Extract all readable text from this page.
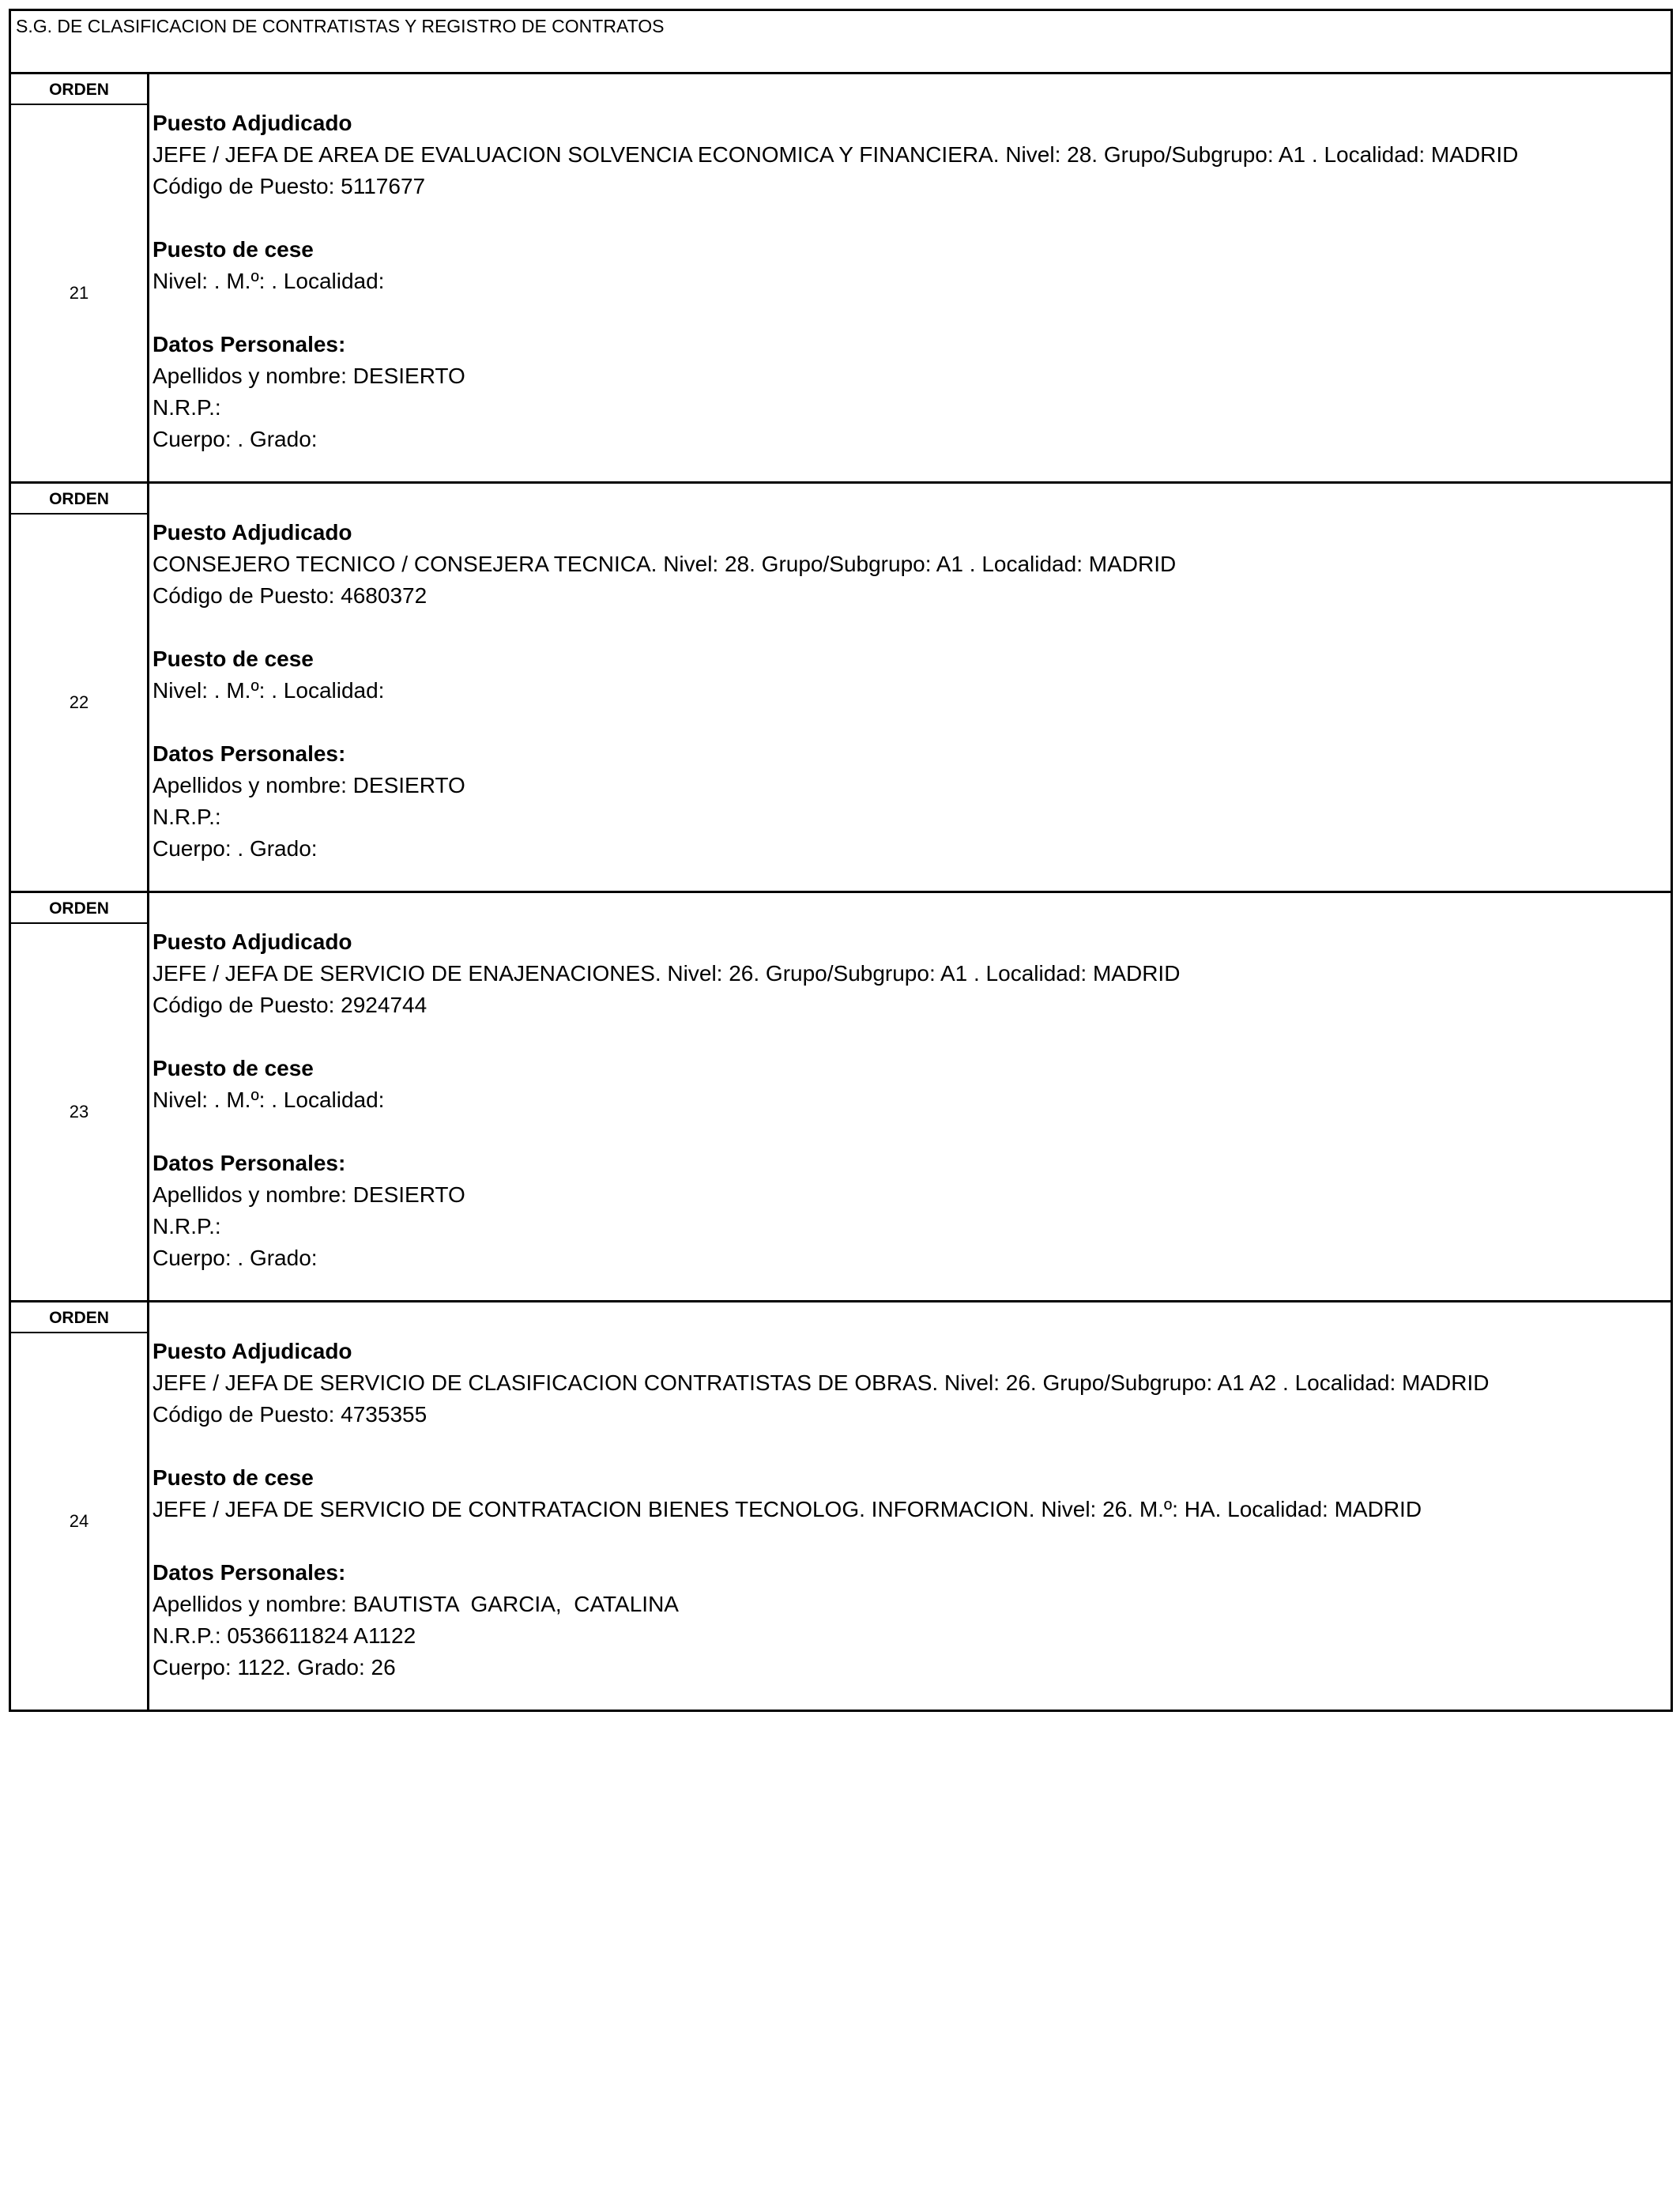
S.G. DE CLASIFICACION DE CONTRATISTAS Y REGISTRO DE CONTRATOS
ORDEN
21
Puesto Adjudicado
JEFE / JEFA DE AREA DE EVALUACION SOLVENCIA ECONOMICA Y FINANCIERA. Nivel: 28. Grupo/Subgrupo: A1 . Localidad: MADRID
Código de Puesto: 5117677
Puesto de cese
Nivel: . M.º: . Localidad:
Datos Personales:
Apellidos y nombre: DESIERTO
N.R.P.:
Cuerpo: . Grado:
ORDEN
22
Puesto Adjudicado
CONSEJERO TECNICO / CONSEJERA TECNICA. Nivel: 28. Grupo/Subgrupo: A1 . Localidad: MADRID
Código de Puesto: 4680372
Puesto de cese
Nivel: . M.º: . Localidad:
Datos Personales:
Apellidos y nombre: DESIERTO
N.R.P.:
Cuerpo: . Grado:
ORDEN
23
Puesto Adjudicado
JEFE / JEFA DE SERVICIO DE ENAJENACIONES. Nivel: 26. Grupo/Subgrupo: A1 . Localidad: MADRID
Código de Puesto: 2924744
Puesto de cese
Nivel: . M.º: . Localidad:
Datos Personales:
Apellidos y nombre: DESIERTO
N.R.P.:
Cuerpo: . Grado:
ORDEN
24
Puesto Adjudicado
JEFE / JEFA DE SERVICIO DE CLASIFICACION CONTRATISTAS DE OBRAS. Nivel: 26. Grupo/Subgrupo: A1 A2 . Localidad: MADRID
Código de Puesto: 4735355
Puesto de cese
JEFE / JEFA DE SERVICIO DE CONTRATACION BIENES TECNOLOG. INFORMACION. Nivel: 26. M.º: HA. Localidad: MADRID
Datos Personales:
Apellidos y nombre: BAUTISTA  GARCIA,  CATALINA
N.R.P.: 0536611824 A1122
Cuerpo: 1122. Grado: 26
